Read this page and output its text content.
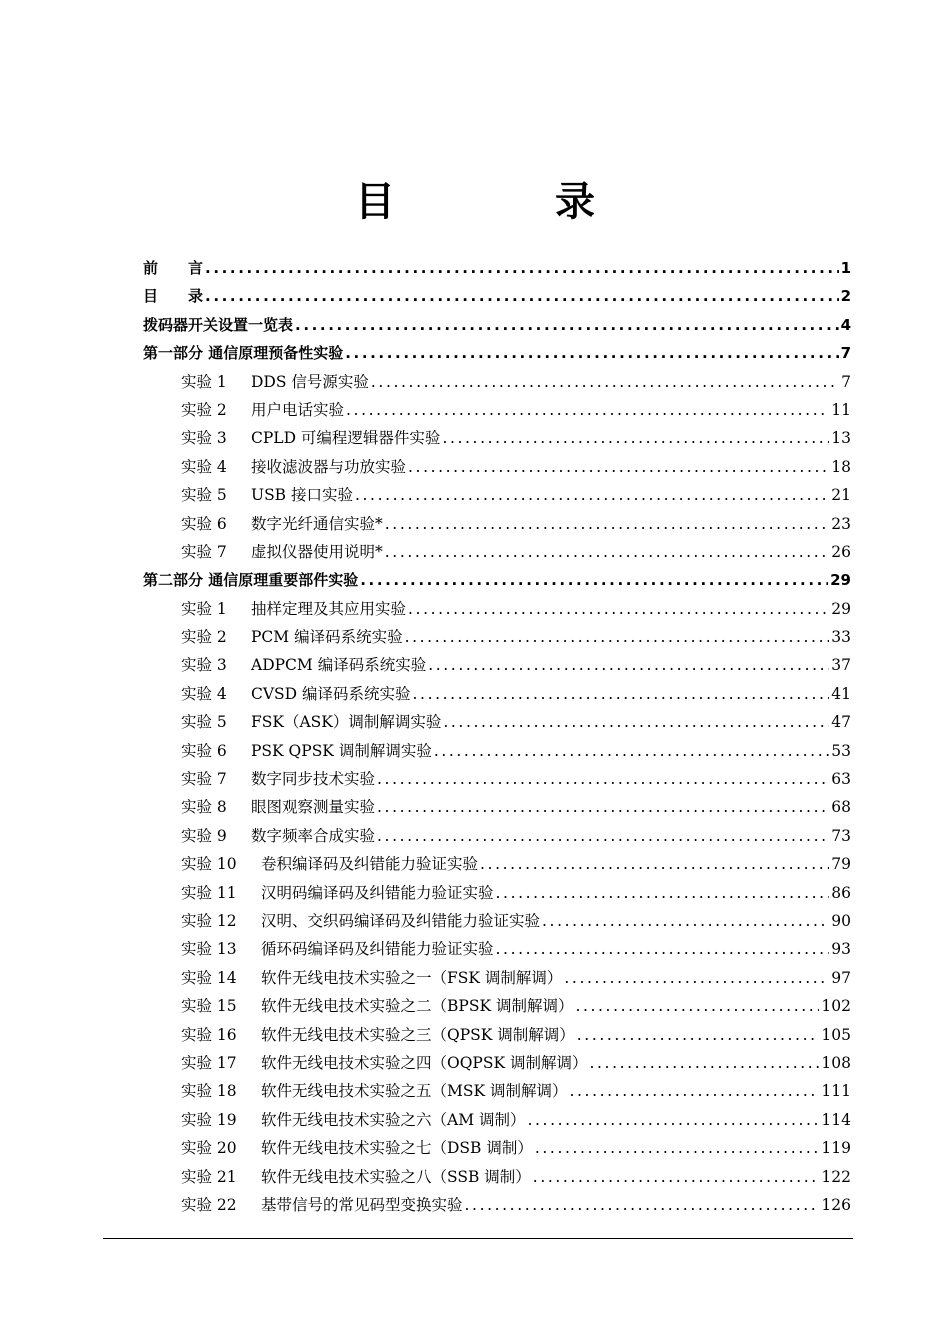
目　录
前　　言 .....	1
目　　录 .....	2
拨码器开关设置一览表 .....	4
第一部分 通信原理预备性实验 .....	7
实验 1 DDS 信号源实验 .....	7
实验 2 用户电话实验 .....	11
实验 3 CPLD 可编程逻辑器件实验 .....	13
实验 4 接收滤波器与功放实验 .....	18
实验 5 USB 接口实验 .....	21
实验 6 数字光纤通信实验* .....	23
实验 7 虚拟仪器使用说明* .....	26
第二部分 通信原理重要部件实验 .....	29
实验 1 抽样定理及其应用实验 .....	29
实验 2 PCM 编译码系统实验 .....	33
实验 3 ADPCM 编译码系统实验 .....	37
实验 4 CVSD 编译码系统实验 .....	41
实验 5 FSK（ASK）调制解调实验 .....	47
实验 6 PSK QPSK 调制解调实验 .....	53
实验 7 数字同步技术实验 .....	63
实验 8 眼图观察测量实验 .....	68
实验 9 数字频率合成实验 .....	73
实验 10 卷积编译码及纠错能力验证实验 .....	79
实验 11 汉明码编译码及纠错能力验证实验 .....	86
实验 12 汉明、交织码编译码及纠错能力验证实验 .....	90
实验 13 循环码编译码及纠错能力验证实验 .....	93
实验 14 软件无线电技术实验之一（FSK 调制解调） .....	97
实验 15 软件无线电技术实验之二（BPSK 调制解调） .....	102
实验 16 软件无线电技术实验之三（QPSK 调制解调） .....	105
实验 17 软件无线电技术实验之四（OQPSK 调制解调） .....	108
实验 18 软件无线电技术实验之五（MSK 调制解调） .....	111
实验 19 软件无线电技术实验之六（AM 调制） .....	114
实验 20 软件无线电技术实验之七（DSB 调制） .....	119
实验 21 软件无线电技术实验之八（SSB 调制） .....	122
实验 22 基带信号的常见码型变换实验 .....	126
